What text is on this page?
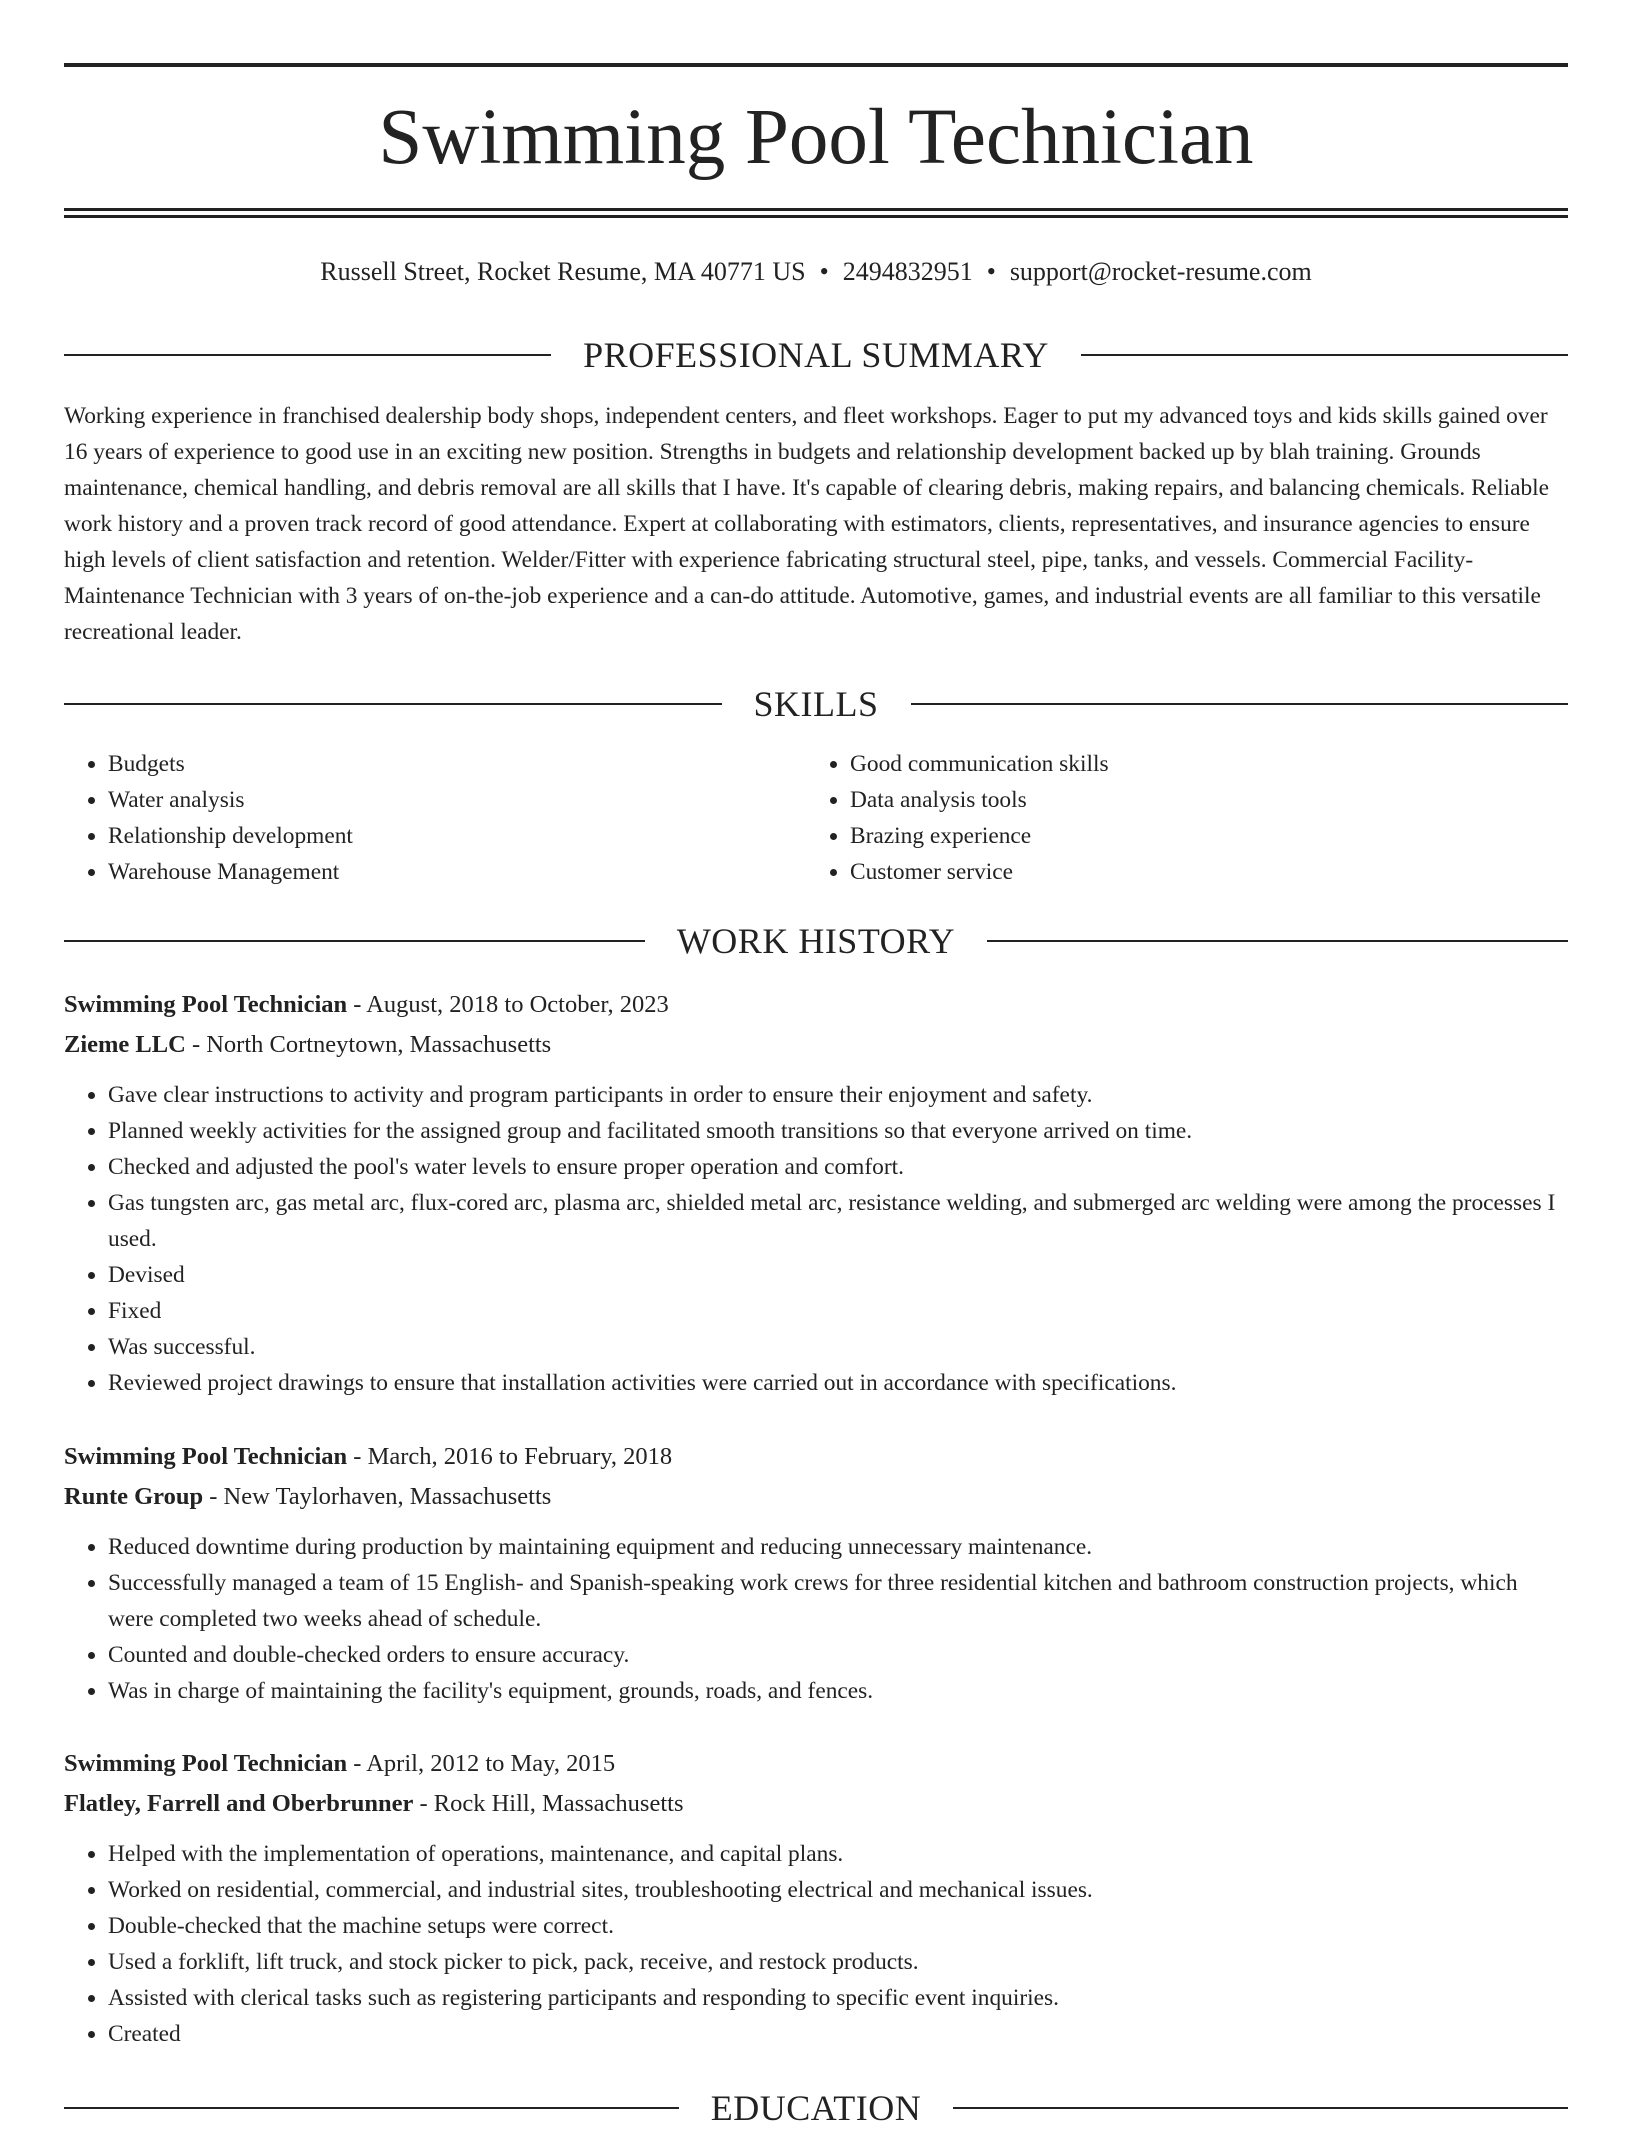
Swimming Pool Technician
Russell Street, Rocket Resume, MA 40771 US • 2494832951 • support@rocket-resume.com
PROFESSIONAL SUMMARY

Working experience in franchised dealership body shops, independent centers, and fleet workshops. Eager to put my advanced toys and kids skills gained over 16 years of experience to good use in an exciting new position. Strengths in budgets and relationship development backed up by blah training. Grounds maintenance, chemical handling, and debris removal are all skills that I have. It's capable of clearing debris, making repairs, and balancing chemicals. Reliable work history and a proven track record of good attendance. Expert at collaborating with estimators, clients, representatives, and insurance agencies to ensure high levels of client satisfaction and retention. Welder/Fitter with experience fabricating structural steel, pipe, tanks, and vessels. Commercial Facility-Maintenance Technician with 3 years of on-the-job experience and a can-do attitude. Automotive, games, and industrial events are all familiar to this versatile recreational leader.

SKILLS
• Budgets
• Water analysis
• Relationship development
• Warehouse Management
• Good communication skills
• Data analysis tools
• Brazing experience
• Customer service
WORK HISTORY
Swimming Pool Technician - August, 2018 to October, 2023
Zieme LLC - North Cortneytown, Massachusetts
• Gave clear instructions to activity and program participants in order to ensure their enjoyment and safety.
• Planned weekly activities for the assigned group and facilitated smooth transitions so that everyone arrived on time.
• Checked and adjusted the pool's water levels to ensure proper operation and comfort.
• Gas tungsten arc, gas metal arc, flux-cored arc, plasma arc, shielded metal arc, resistance welding, and submerged arc welding were among the processes I used.
• Devised
• Fixed
• Was successful.
• Reviewed project drawings to ensure that installation activities were carried out in accordance with specifications.
Swimming Pool Technician - March, 2016 to February, 2018
Runte Group - New Taylorhaven, Massachusetts
• Reduced downtime during production by maintaining equipment and reducing unnecessary maintenance.
• Successfully managed a team of 15 English- and Spanish-speaking work crews for three residential kitchen and bathroom construction projects, which were completed two weeks ahead of schedule.
• Counted and double-checked orders to ensure accuracy.
• Was in charge of maintaining the facility's equipment, grounds, roads, and fences.
Swimming Pool Technician - April, 2012 to May, 2015
Flatley, Farrell and Oberbrunner - Rock Hill, Massachusetts
• Helped with the implementation of operations, maintenance, and capital plans.
• Worked on residential, commercial, and industrial sites, troubleshooting electrical and mechanical issues.
• Double-checked that the machine setups were correct.
• Used a forklift, lift truck, and stock picker to pick, pack, receive, and restock products.
• Assisted with clerical tasks such as registering participants and responding to specific event inquiries.
• Created
EDUCATION
